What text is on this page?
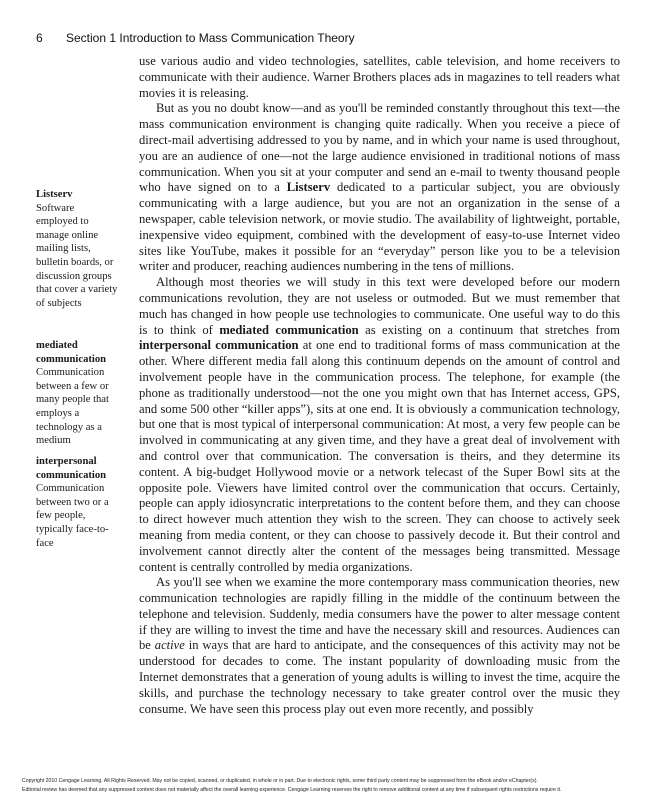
6 Section 1 Introduction to Mass Communication Theory
Listserv
Software employed to manage online mailing lists, bulletin boards, or discussion groups that cover a variety of subjects
mediated communication
Communication between a few or many people that employs a technology as a medium
interpersonal communication
Communication between two or a few people, typically face-to-face

use various audio and video technologies, satellites, cable television, and home receivers to communicate with their audience. Warner Brothers places ads in magazines to tell readers what movies it is releasing.

But as you no doubt know—and as you'll be reminded constantly throughout this text—the mass communication environment is changing quite radically. When you receive a piece of direct-mail advertising addressed to you by name, and in which your name is used throughout, you are an audience of one—not the large audience envisioned in traditional notions of mass communication. When you sit at your computer and send an e-mail to twenty thousand people who have signed on to a Listserv dedicated to a particular subject, you are obviously communicating with a large audience, but you are not an organization in the sense of a newspaper, cable television network, or movie studio. The availability of lightweight, portable, inexpensive video equipment, combined with the development of easy-to-use Internet video sites like YouTube, makes it possible for an “everyday” person like you to be a television writer and producer, reaching audiences numbering in the tens of millions.

Although most theories we will study in this text were developed before our modern communications revolution, they are not useless or outmoded. But we must remember that much has changed in how people use technologies to communicate. One useful way to do this is to think of mediated communication as existing on a continuum that stretches from interpersonal communication at one end to traditional forms of mass communication at the other. Where different media fall along this continuum depends on the amount of control and involvement people have in the communication process. The telephone, for example (the phone as traditionally understood—not the one you might own that has Internet access, GPS, and some 500 other “killer apps”), sits at one end. It is obviously a communication technology, but one that is most typical of interpersonal communication: At most, a very few people can be involved in communicating at any given time, and they have a great deal of involvement with and control over that communication. The conversation is theirs, and they determine its content. A big-budget Hollywood movie or a network telecast of the Super Bowl sits at the opposite pole. Viewers have limited control over the communication that occurs. Certainly, people can apply idiosyncratic interpretations to the content before them, and they can choose to direct however much attention they wish to the screen. They can choose to actively seek meaning from media content, or they can choose to passively decode it. But their control and involvement cannot directly alter the content of the messages being transmitted. Message content is centrally controlled by media organizations.

As you'll see when we examine the more contemporary mass communication theories, new communication technologies are rapidly filling in the middle of the continuum between the telephone and television. Suddenly, media consumers have the power to alter message content if they are willing to invest the time and have the necessary skill and resources. Audiences can be active in ways that are hard to anticipate, and the consequences of this activity may not be understood for decades to come. The instant popularity of downloading music from the Internet demonstrates that a generation of young adults is willing to invest the time, acquire the skills, and purchase the technology necessary to take greater control over the music they consume. We have seen this process play out even more recently, and possibly

Copyright 2010 Cengage Learning. All Rights Reserved. May not be copied, scanned, or duplicated, in whole or in part. Due to electronic rights, some third party content may be suppressed from the eBook and/or eChapter(s).
Editorial review has deemed that any suppressed content does not materially affect the overall learning experience. Cengage Learning reserves the right to remove additional content at any time if subsequent rights restrictions require it.
